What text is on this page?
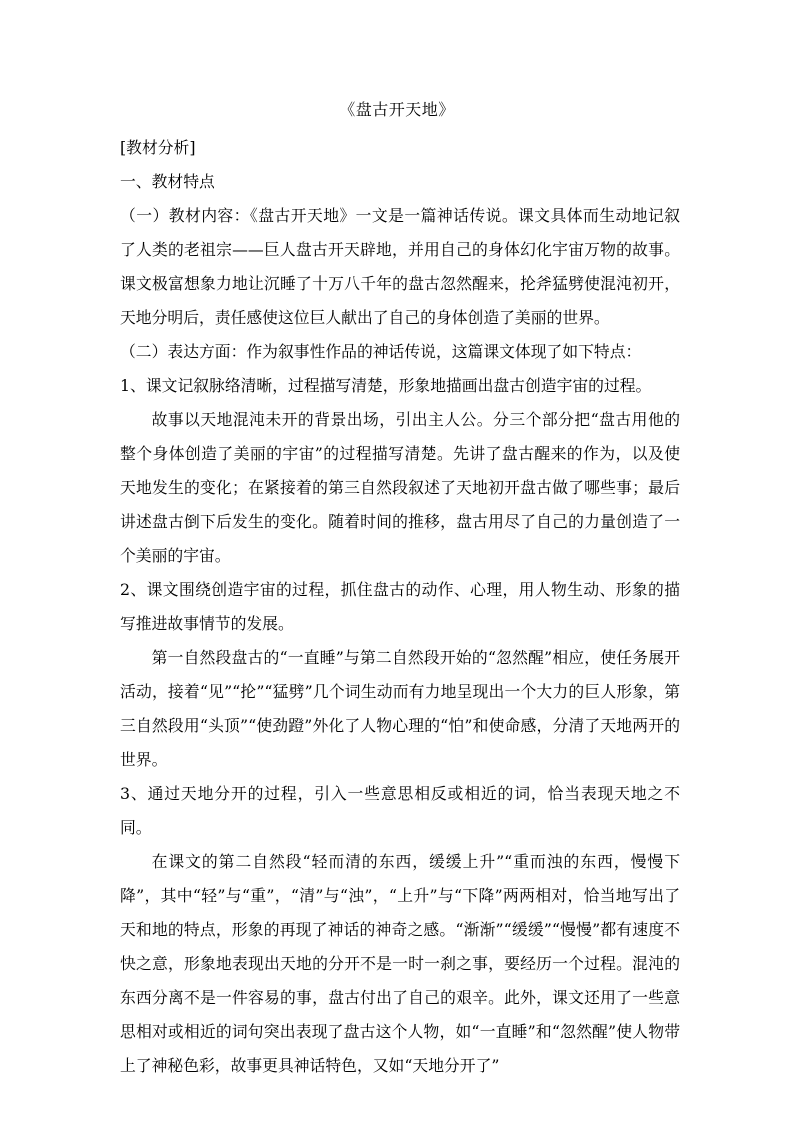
《盘古开天地》

[教材分析]

一、教材特点

（一）教材内容：《盘古开天地》一文是一篇神话传说。课文具体而生动地记叙了人类的老祖宗——巨人盘古开天辟地，并用自己的身体幻化宇宙万物的故事。课文极富想象力地让沉睡了十万八千年的盘古忽然醒来，抡斧猛劈使混沌初开，天地分明后，责任感使这位巨人献出了自己的身体创造了美丽的世界。

（二）表达方面：作为叙事性作品的神话传说，这篇课文体现了如下特点：

1、课文记叙脉络清晰，过程描写清楚，形象地描画出盘古创造宇宙的过程。

故事以天地混沌未开的背景出场，引出主人公。分三个部分把“盘古用他的整个身体创造了美丽的宇宙”的过程描写清楚。先讲了盘古醒来的作为，以及使天地发生的变化；在紧接着的第三自然段叙述了天地初开盘古做了哪些事；最后讲述盘古倒下后发生的变化。随着时间的推移，盘古用尽了自己的力量创造了一个美丽的宇宙。

2、课文围绕创造宇宙的过程，抓住盘古的动作、心理，用人物生动、形象的描写推进故事情节的发展。

第一自然段盘古的“一直睡”与第二自然段开始的“忽然醒”相应，使任务展开活动，接着“见”“抡”“猛劈”几个词生动而有力地呈现出一个大力的巨人形象，第三自然段用“头顶”“使劲蹬”外化了人物心理的“怕”和使命感，分清了天地两开的世界。

3、通过天地分开的过程，引入一些意思相反或相近的词，恰当表现天地之不同。

在课文的第二自然段“轻而清的东西，缓缓上升”“重而浊的东西，慢慢下降”，其中“轻”与“重”，“清”与“浊”，“上升”与“下降”两两相对，恰当地写出了天和地的特点，形象的再现了神话的神奇之感。“渐渐”“缓缓”“慢慢”都有速度不快之意，形象地表现出天地的分开不是一时一刹之事，要经历一个过程。混沌的东西分离不是一件容易的事，盘古付出了自己的艰辛。此外，课文还用了一些意思相对或相近的词句突出表现了盘古这个人物，如“一直睡”和“忽然醒”使人物带上了神秘色彩，故事更具神话特色，又如“天地分开了”
